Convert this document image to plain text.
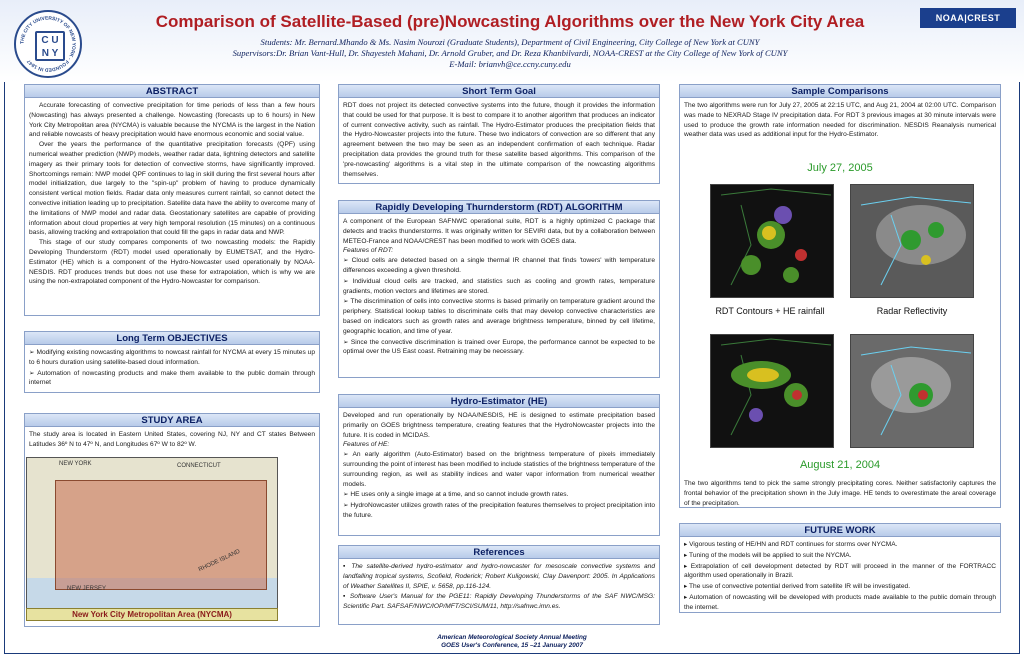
THE CITY UNIVERSITY OF NEW YORK · FOUNDED IN 1847
C U
N Y
Comparison of Satellite-Based (pre)Nowcasting Algorithms over the New York City Area
Students: Mr. Bernard.Mhando & Ms. Nasim Nourozi (Graduate Students), Department of Civil Engineering, City College of New York at CUNY
Supervisors:Dr. Brian Vant-Hull, Dr. Shayesteh Mahani, Dr. Arnold Gruber, and Dr. Reza Khanbilvardi, NOAA-CREST at the City College of New York of CUNY
E-Mail: brianvh@ce.ccny.cuny.edu
NOAA|CREST
ABSTRACT

Accurate forecasting of convective precipitation for time periods of less than a few hours (Nowcasting) has always presented a challenge. Nowcasting (forecasts up to 6 hours) in New York City Metropolitan area (NYCMA) is valuable because the NYCMA is the largest in the Nation and reliable nowcasts of heavy precipitation would have enormous economic and social value.

Over the years the performance of the quantitative precipitation forecasts (QPF) using numerical weather prediction (NWP) models, weather radar data, lightning detectors and satellite imagery as their primary tools for detection of convective storms, have significantly improved. Shortcomings remain: NWP model QPF continues to lag in skill during the first several hours after model initialization, due largely to the "spin-up" problem of having to produce dynamically consistent vertical motion fields. Radar data only measures current rainfall, so cannot detect the convective initiation leading up to precipitation. Satellite data have the ability to overcome many of the limitations of NWP model and radar data. Geostationary satellites are capable of providing information about cloud properties at very high temporal resolution (15 minutes) on a continuous basis, allowing tracking and extrapolation that could fill the gaps in radar data and NWP.

This stage of our study compares components of two nowcasting models: the Rapidly Developing Thunderstorm (RDT) model used operationally by EUMETSAT, and the Hydro-Estimator (HE) which is a component of the Hydro-Nowcaster used operationally by NOAA-NESDIS. RDT produces trends but does not use these for extrapolation, which is why we are using the non-extrapolated component of the Hydro-Nowcaster for comparison.

Long Term OBJECTIVES
➢ Modifying existing nowcasting algorithms to nowcast rainfall for NYCMA at every 15 minutes up to 6 hours duration using satellite-based cloud information.
➢ Automation of nowcasting products and make them available to the public domain through internet
STUDY AREA
The study area is located in Eastern United States, covering NJ, NY and CT states Between Latitudes 36º N to 47º N, and Longitudes 67º W to 82º W.
NEW YORK	CONNECTICUT
RHODE ISLAND
NEW JERSEY
New York City Metropolitan Area (NYCMA)
Short Term Goal
RDT does not project its detected convective systems into the future, though it provides the information that could be used for that purpose. It is best to compare it to another algorithm that produces an indicator of current convective activity, such as rainfall. The Hydro-Estimator produces the precipitation fields that the Hydro-Nowcaster projects into the future. These two indicators of convection are so different that any agreement between the two may be seen as an independent confirmation of each technique. Radar precipitation data provides the ground truth for these satellite based algorithms. This comparison of the 'pre-nowcasting' algorithms is a vital step in the ultimate comparison of the nowcasting algorithms themselves.
Rapidly Developing Thurnderstorm (RDT) ALGORITHM

A component of the European SAFNWC operational suite, RDT is a highly optimized C package that detects and tracks thunderstorms. It was originally written for SEVIRI data, but by a collaboration between METEO-France and NOAA/CREST has been modified to work with GOES data.

Features of RDT:

➢ Cloud cells are detected based on a single thermal IR channel that finds 'towers' with temperature differences exceeding a given threshold.
➢ Individual cloud cells are tracked, and statistics such as cooling and growth rates, temperature gradients, motion vectors and lifetimes are stored.
➢ The discrimination of cells into convective storms is based primarily on temperature gradient around the periphery. Statistical lookup tables to discriminate cells that may develop convective characteristics are based on indicators such as growth rates and average brightness temperature, binned by cell lifetime, geographic location, and time of year.
➢ Since the convective discrimination is trained over Europe, the performance cannot be expected to be optimal over the US East coast. Retraining may be necessary.
Hydro-Estimator (HE)

Developed and run operationally by NOAA/NESDIS, HE is designed to estimate precipitation based primarily on GOES brightness temperature, creating features that the HydroNowcaster projects into the future. It is coded in MCIDAS.

Features of HE:

➢ An early algorithm (Auto-Estimator) based on the brightness temperature of pixels immediately surrounding the point of interest has been modified to include statistics of the brightness temperature of the surrounding region, as well as stability indices and water vapor information from numerical weather models.
➢ HE uses only a single image at a time, and so cannot include growth rates.
➢ HydroNowcaster utilizes growth rates of the precipitation features themselves to project precipitation into the future.
References
▪ The satellite-derived hydro-estimator and hydro-nowcaster for mesoscale convective systems and landfalling tropical systems, Scofield, Roderick; Robert Kuligowski, Clay Davenport: 2005. In Applications of Weather Satellites II, SPIE, v. 5658, pp.116-124.
▪ Software User's Manual for the PGE11: Rapidly Developing Thunderstorms of the SAF NWC/MSG: Scientific Part. SAFSAF/NWC/IOP/MFT/SCI/SUM/11, http://safnwc.imn.es.
Sample Comparisons
The two algorithms were run for July 27, 2005 at 22:15 UTC, and Aug 21, 2004 at 02:00 UTC. Comparison was made to NEXRAD Stage IV precipitation data. For RDT 3 previous images at 30 minute intervals were used to produce the growth rate information needed for discrimination. NESDIS Reanalysis numerical weather data was used as additional input for the Hydro-Estimator.
July 27, 2005
RDT Contours + HE rainfall	Radar Reflectivity
August 21, 2004
The two algorithms tend to pick the same strongly precipitating cores. Neither satisfactorily captures the frontal behavior of the precipitation shown in the July image. HE tends to overestimate the areal coverage of the precipitation.
FUTURE WORK
▸ Vigorous testing of HE/HN and RDT continues for storms over NYCMA.
▸ Tuning of the models will be applied to suit the NYCMA.
▸ Extrapolation of cell development detected by RDT will proceed in the manner of the FORTRACC algorithm used operationally in Brazil.
▸ The use of convective potential derived from satellite IR will be investigated.
▸ Automation of nowcasting will be developed with products made available to the public domain through the internet.
American Meteorological Society Annual Meeting
GOES User's Conference, 15 –21 January 2007
